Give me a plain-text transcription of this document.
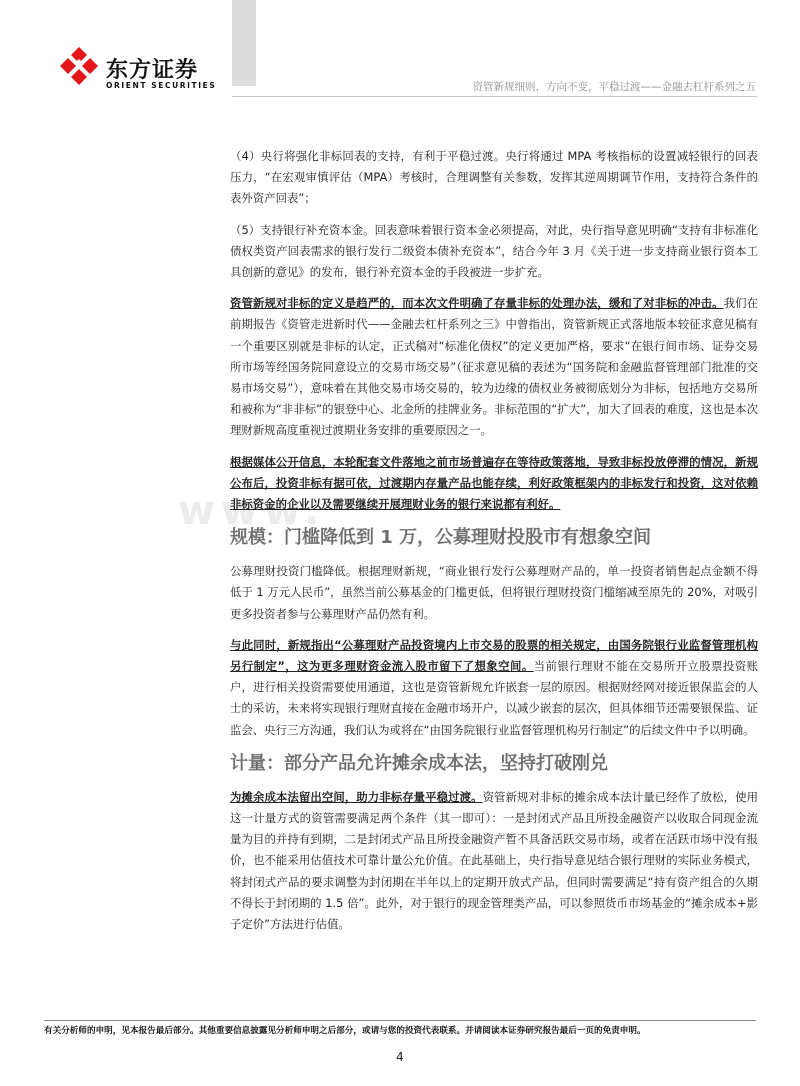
东方证券
ORIENT SECURITIES	资管新规细则，方向不变，平稳过渡——金融去杠杆系列之五
www.

（4）央行将强化非标回表的支持，有利于平稳过渡。央行将通过 MPA 考核指标的设置减轻银行的回表压力，“在宏观审慎评估（MPA）考核时，合理调整有关参数，发挥其逆周期调节作用，支持符合条件的表外资产回表”；

（5）支持银行补充资本金。回表意味着银行资本金必须提高，对此，央行指导意见明确“支持有非标准化债权类资产回表需求的银行发行二级资本债补充资本”，结合今年 3 月《关于进一步支持商业银行资本工具创新的意见》的发布，银行补充资本金的手段被进一步扩充。

资管新规对非标的定义是趋严的，而本次文件明确了存量非标的处理办法，缓和了对非标的冲击。我们在前期报告《资管走进新时代——金融去杠杆系列之三》中曾指出，资管新规正式落地版本较征求意见稿有一个重要区别就是非标的认定，正式稿对“标准化债权”的定义更加严格，要求“在银行间市场、证券交易所市场等经国务院同意设立的交易市场交易”（征求意见稿的表述为“国务院和金融监督管理部门批准的交易市场交易”），意味着在其他交易市场交易的，较为边缘的债权业务被彻底划分为非标，包括地方交易所和被称为“非非标”的银登中心、北金所的挂牌业务。非标范围的“扩大”，加大了回表的难度，这也是本次理财新规高度重视过渡期业务安排的重要原因之一。

根据媒体公开信息，本轮配套文件落地之前市场普遍存在等待政策落地，导致非标投放停滞的情况，新规公布后，投资非标有据可依，过渡期内存量产品也能存续，利好政策框架内的非标发行和投资，这对依赖非标资金的企业以及需要继续开展理财业务的银行来说都有利好。

规模：门槛降低到 1 万，公募理财投股市有想象空间

公募理财投资门槛降低。根据理财新规，“商业银行发行公募理财产品的，单一投资者销售起点金额不得低于 1 万元人民币”，虽然当前公募基金的门槛更低，但将银行理财投资门槛缩减至原先的 20%，对吸引更多投资者参与公募理财产品仍然有利。

与此同时，新规指出“公募理财产品投资境内上市交易的股票的相关规定，由国务院银行业监督管理机构另行制定”，这为更多理财资金流入股市留下了想象空间。当前银行理财不能在交易所开立股票投资账户，进行相关投资需要使用通道，这也是资管新规允许嵌套一层的原因。根据财经网对接近银保监会的人士的采访，未来将实现银行理财直接在金融市场开户，以减少嵌套的层次，但具体细节还需要银保监、证监会、央行三方沟通，我们认为或将在“由国务院银行业监督管理机构另行制定”的后续文件中予以明确。

计量：部分产品允许摊余成本法，坚持打破刚兑

为摊余成本法留出空间，助力非标存量平稳过渡。资管新规对非标的摊余成本法计量已经作了放松，使用这一计量方式的资管需要满足两个条件（其一即可）：一是封闭式产品且所投金融资产以收取合同现金流量为目的并持有到期，二是封闭式产品且所投金融资产暂不具备活跃交易市场，或者在活跃市场中没有报价，也不能采用估值技术可靠计量公允价值。在此基础上，央行指导意见结合银行理财的实际业务模式，将封闭式产品的要求调整为封闭期在半年以上的定期开放式产品，但同时需要满足“持有资产组合的久期不得长于封闭期的 1.5 倍”。此外，对于银行的现金管理类产品，可以参照货币市场基金的“摊余成本+影子定价”方法进行估值。

有关分析师的申明，见本报告最后部分。其他重要信息披露见分析师申明之后部分，或请与您的投资代表联系。并请阅读本证券研究报告最后一页的免责申明。
4
